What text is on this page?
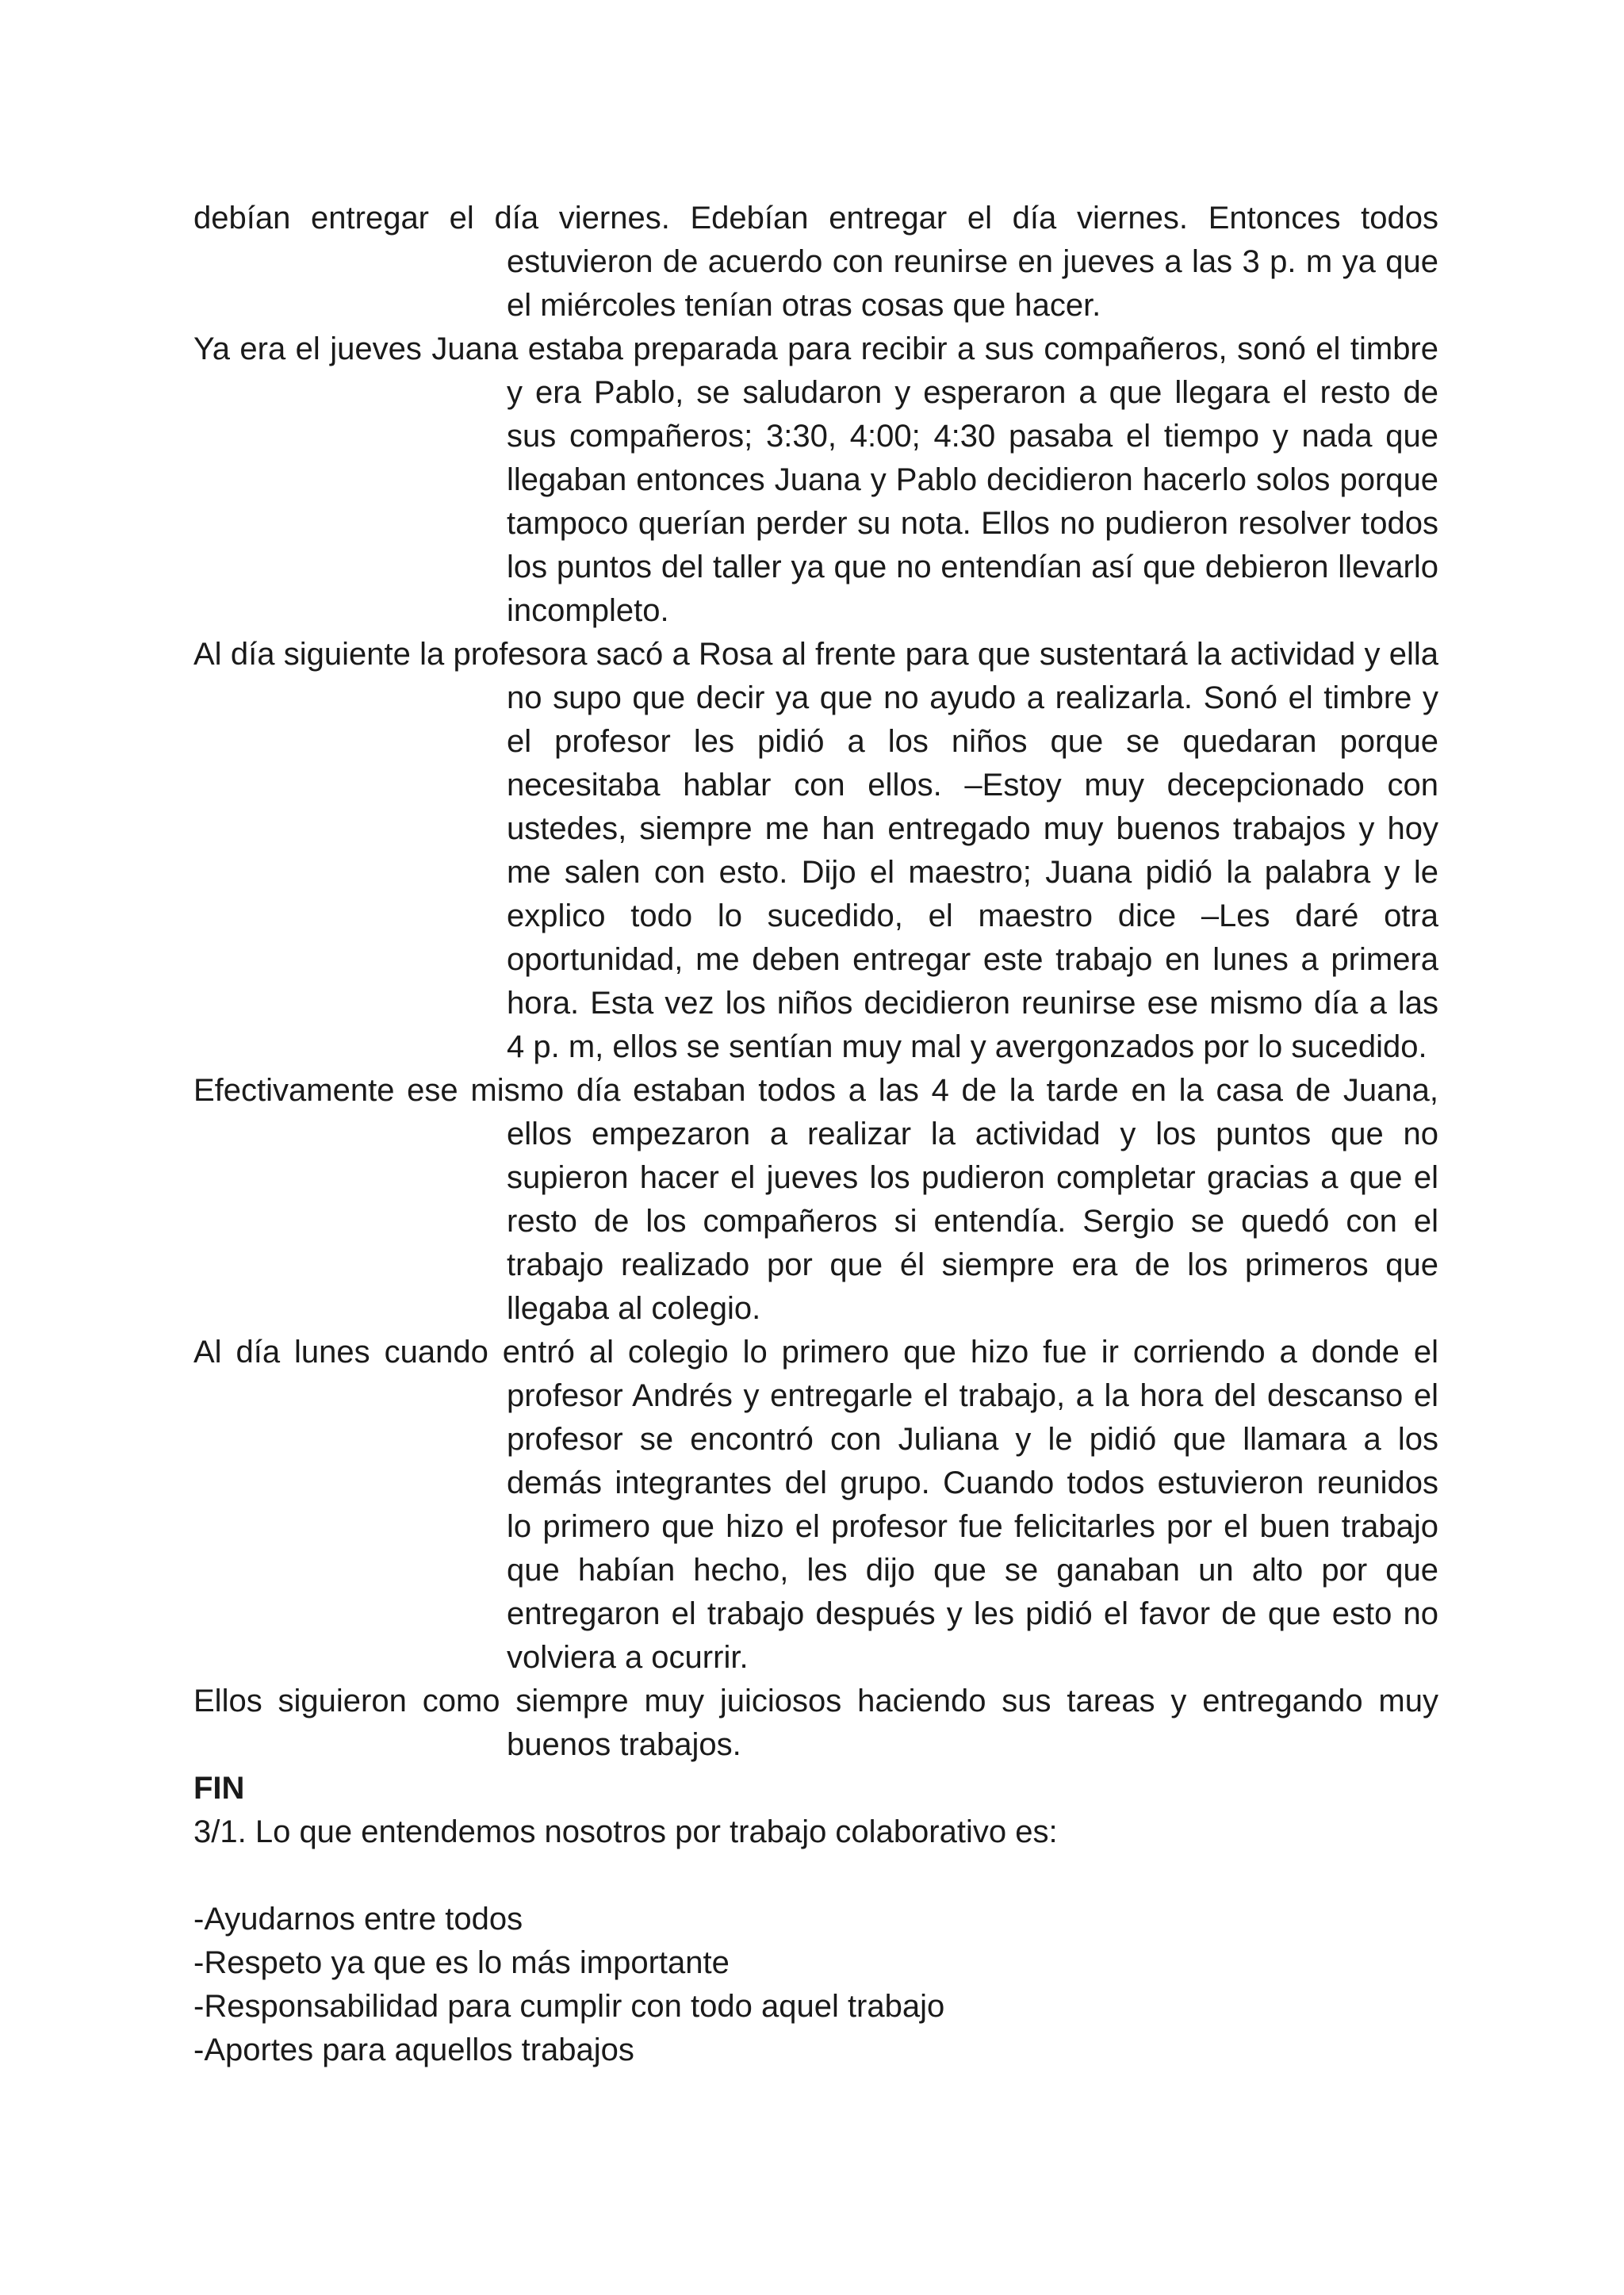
debían entregar el día viernes. Edebían entregar el día viernes. Entonces todos estuvieron de acuerdo con reunirse en jueves a las 3 p. m ya que el miércoles tenían otras cosas que hacer.

Ya era el jueves Juana estaba preparada para recibir a sus compañeros, sonó el timbre y era Pablo, se saludaron y esperaron a que llegara el resto de sus compañeros; 3:30, 4:00; 4:30 pasaba el tiempo y nada que llegaban entonces Juana y Pablo decidieron hacerlo solos porque tampoco querían perder su nota. Ellos no pudieron resolver todos los puntos del taller ya que no entendían así que debieron llevarlo incompleto.

Al día siguiente la profesora sacó a Rosa al frente para que sustentará la actividad y ella no supo que decir ya que no ayudo a realizarla. Sonó el timbre y el profesor les pidió a los niños que se quedaran porque necesitaba hablar con ellos. –Estoy muy decepcionado con ustedes, siempre me han entregado muy buenos trabajos y hoy me salen con esto. Dijo el maestro; Juana pidió la palabra y le explico todo lo sucedido, el maestro dice –Les daré otra oportunidad, me deben entregar este trabajo en lunes a primera hora. Esta vez los niños decidieron reunirse ese mismo día a las 4 p. m, ellos se sentían muy mal y avergonzados por lo sucedido.

Efectivamente ese mismo día estaban todos a las 4 de la tarde en la casa de Juana, ellos empezaron a realizar la actividad y los puntos que no supieron hacer el jueves los pudieron completar gracias a que el resto de los compañeros si entendía. Sergio se quedó con el trabajo realizado por que él siempre era de los primeros que llegaba al colegio.

Al día lunes cuando entró al colegio lo primero que hizo fue ir corriendo a donde el profesor Andrés y entregarle el trabajo, a la hora del descanso el profesor se encontró con Juliana y le pidió que llamara a los demás integrantes del grupo. Cuando todos estuvieron reunidos lo primero que hizo el profesor fue felicitarles por el buen trabajo que habían hecho, les dijo que se ganaban un alto por que entregaron el trabajo después y les pidió el favor de que esto no volviera a ocurrir.

Ellos siguieron como siempre muy juiciosos haciendo sus tareas y entregando muy buenos trabajos.

FIN

3/1. Lo que entendemos nosotros por trabajo colaborativo es:

-Ayudarnos entre todos
-Respeto ya que es lo más importante
-Responsabilidad para cumplir con todo aquel trabajo
-Aportes para aquellos trabajos
